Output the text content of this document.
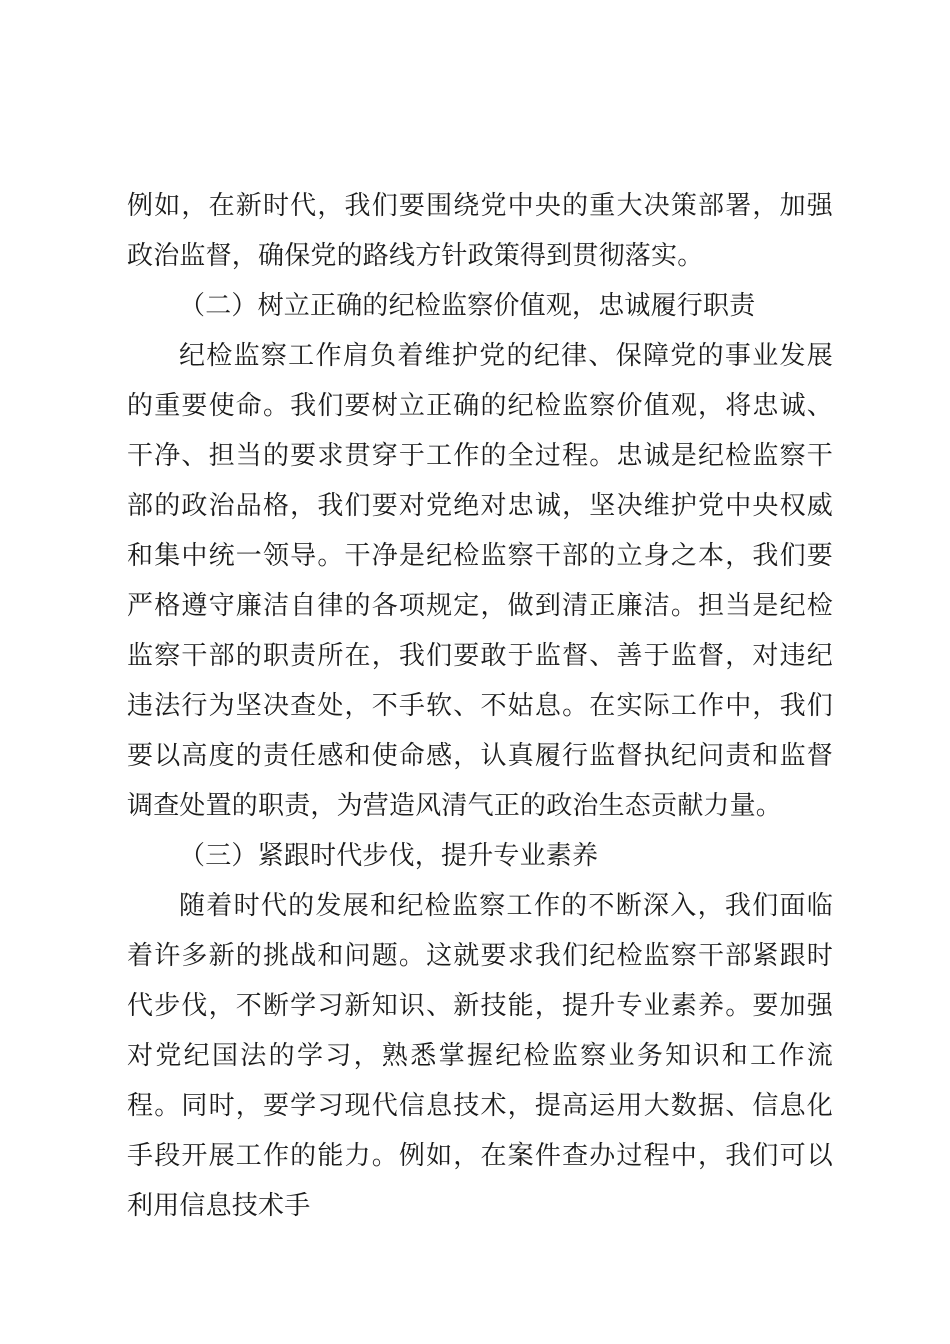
例如，在新时代，我们要围绕党中央的重大决策部署，加强政治监督，确保党的路线方针政策得到贯彻落实。

（二）树立正确的纪检监察价值观，忠诚履行职责

纪检监察工作肩负着维护党的纪律、保障党的事业发展的重要使命。我们要树立正确的纪检监察价值观，将忠诚、干净、担当的要求贯穿于工作的全过程。忠诚是纪检监察干部的政治品格，我们要对党绝对忠诚，坚决维护党中央权威和集中统一领导。干净是纪检监察干部的立身之本，我们要严格遵守廉洁自律的各项规定，做到清正廉洁。担当是纪检监察干部的职责所在，我们要敢于监督、善于监督，对违纪违法行为坚决查处，不手软、不姑息。在实际工作中，我们要以高度的责任感和使命感，认真履行监督执纪问责和监督调查处置的职责，为营造风清气正的政治生态贡献力量。

（三）紧跟时代步伐，提升专业素养

随着时代的发展和纪检监察工作的不断深入，我们面临着许多新的挑战和问题。这就要求我们纪检监察干部紧跟时代步伐，不断学习新知识、新技能，提升专业素养。要加强对党纪国法的学习，熟悉掌握纪检监察业务知识和工作流程。同时，要学习现代信息技术，提高运用大数据、信息化手段开展工作的能力。例如，在案件查办过程中，我们可以利用信息技术手
